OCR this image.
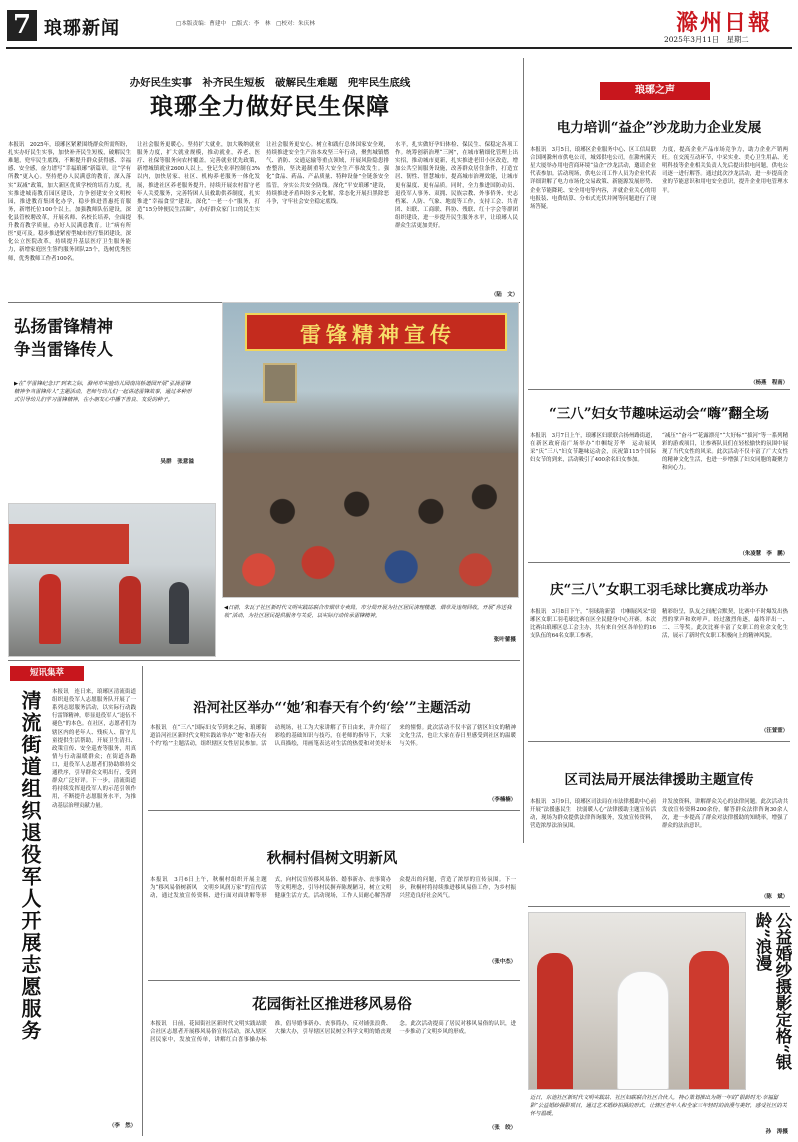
7 琅琊新闻	□本版责编：曹建中　□版式：李　林　□校对：朱庆林	滁州日報
2025年3月11日　星期二
办好民生实事　补齐民生短板　破解民生难题　兜牢民生底线
琅琊全力做好民生保障
本报讯　2025年，琅琊区紧紧围绕群众所需所盼，扎实办好民生实事，加快补齐民生短板，破解民生难题，兜牢民生底线，不断提升群众获得感、幸福感、安全感，奋力谱写“幸福琅琊”新篇章。让“学有所教”更入心。坚持把办人民满意的教育，深入落实“双减”政策，加大新区优质学校的培育力度，扎实推进城南教育园区建设，力争创建安全文明校园，推进教育集团化办学，稳步推进普惠托育服务，新增托位100个以上。加强教师队伍建设，深化县管校聘改革，开展名师、名校长培养，全面提升教育教学质量，办好人民满意教育。让“病有所医”更可及。稳步推进紧密型城市医疗集团建设，深化公立医院改革，持续提升基层医疗卫生服务能力，新增家庭医生签约服务团队25个，选树优秀医师，优秀教师工作者100名。
让社会服务更暖心。坚持扩大就业，加大吸纳就业服务力度，扩大就业规模，推动就业，养老、医疗、社保等服务向农村覆盖。完善就业优先政策，新增城镇就业2600人以上，登记失业率控制在3%以内，加快居家、社区、机构养老服务一体化发展，推进社区养老服务提升，持续开展农村留守老年人关爱服务，完善特困人员救助供养制度，扎实推进“幸福食堂”建设，深化“一老一小”服务，打造“15分钟便民生活圈”，办好群众家门口的民生实事。
让社会服务更安心。树立和践行总体国家安全观，持续推进安全生产治本攻坚三年行动，聚焦城镇燃气、消防、交通运输等重点领域，开展风险隐患排查整治，坚决遏制重特大安全生产事故发生。强化“食品、药品、产品质量、特种设备”全链条安全监管，夯实公共安全防线。深化“平安琅琊”建设，持续推进矛盾纠纷多元化解，常态化开展扫黑除恶斗争，守牢社会安全稳定底线。
水平，扎实做好孕妇体检、保民生、保稳定各项工作。统筹创新治理“三网”，在城市精细化管理上出实招，推动城市更新，扎实推进老旧小区改造，增加公共空间服务设施，改善群众居住条件，打造宜居、韧性、智慧城市，提高城市治理效能，让城市更有温度、更有品质。同时，全力推进国防动员、退役军人事务、双拥、民族宗教、外事侨务、史志档案、人防、气象、地震等工作，支持工会、共青团、妇联、工商联、科协、残联、红十字会等群团组织建设，进一步提升民生服务水平，让琅琊人民群众生活更加美好。
（陆　文）
弘扬雷锋精神
争当雷锋传人
▶在“学雷锋纪念日”到来之际，滁州市实验幼儿园南岗桥道园开展“弘扬雷锋精神争当雷锋传人”主题活动，老师与幼儿们一起讲述雷锋故事，通过多种形式引导幼儿们学习雷锋精神，在小朋友心中播下善良、友爱的种子。
吴群　张意溢
雷锋精神宣传
◀日前，朱瓦子社区新时代文明实践站联合市烟草专卖局，市分局开展为社区居民清理楼道、烟草及违规回收。开展“你送我收”活动，为社区居民提供服务与关爱，以实际行动传承雷锋精神。
张叶蕾摄
琅琊之声
电力培训“益企”沙龙助力企业发展
本报讯　3月5日，琅琊区企业服务中心、区工信局联合国网滁州市供电公司，城郊供电公司，在滁州满天星大厦举办用电营商环境“益企”沙龙活动，邀请企业代表参加。活动现场，供电公司工作人员为企业代表详细讲解了电力市场化交易政策、新能源发展形势、企业节能降耗、安全用电等内容，并就企业关心的用电报装、电费结算、分布式光伏并网等问题进行了现场答疑。
力度，提高企业产品市场竞争力，助力企业产销两旺。在交流互动环节，中采实业、美心卫生用品、光明科技等企业相关负责人先后提出供电问题，供电公司逐一进行解答。通过此次沙龙活动，进一步提高企业的节能意识和用电安全意识，提升企业用电管理水平。
（杨燕　程南）
“三八”妇女节趣味运动会“嗨”翻全场
本报讯　3月7日上午，琅琊区妇联联合扬州路街道，在新区政府南广场举办“巾帼绽芳华　运动展风采”庆“三八”妇女节趣味运动会，庆祝第115个国际妇女节的到来，活动吸引了400余名妇女参加。
“减压”“奋斗”“花露漂亮”“大好标”“拔河”等一系列精彩的游戏项目，让参赛队员们在轻松愉快的氛围中展现了当代女性的风采。此次活动不仅丰富了广大女性的精神文化生活，也进一步增强了妇女同胞的凝聚力和向心力。
（朱凌慧　李　鹏）
庆“三八”女职工羽毛球比赛成功举办
本报讯　3月8日下午，“羽球韵新蕾　巾帼展风采”琅琊区女职工羽毛球比赛在区全民健身中心开赛。本次比赛由琅琊区总工会主办，共有来自全区各单位的16支队伍的64名女职工参赛。
精彩纷呈，队友之间配合默契，比赛中不时爆发出热烈的掌声和欢呼声。经过激烈角逐，最终评出一、二、三等奖。此次比赛丰富了女职工的业余文化生活，展示了新时代女职工积极向上的精神风貌。
（汪萱萱）
区司法局开展法律援助主题宣传
本报讯　3月9日，琅琊区司法局在市法律援助中心前开展“法援惠民生　扶弱暖人心”法律援助主题宣传活动，现场为群众提供法律咨询服务，发放宣传资料，营造浓厚法治氛围。
并发放资料，讲解群众关心的法律问题。此次活动共发放宣传资料200余份，解答群众法律咨询30余人次，进一步提高了群众对法律援助的知晓率，增强了群众的法治意识。
（陈　斌）
短讯集萃
清流街道组织退役军人开展志愿服务	本报讯　连日来，琅琊区清流街道组织退役军人志愿服务队开展了一系列志愿服务活动，以实际行动践行雷锋精神，彰显退役军人“退伍不褪色”的本色。在社区，志愿者们为辖区内的老年人、残疾人、留守儿童提供生活帮助，开展卫生清扫、政策宣传、安全巡查等服务，用真情与行动温暖群众；在街道各路口，退役军人志愿者们协助维持交通秩序，引导群众文明出行，受到群众广泛好评。下一步，清流街道将持续发挥退役军人的示范引领作用，不断提升志愿服务水平，为推动基层治理贡献力量。
（李　然）
沿河社区举办“‘她’和春天有个约‘绘’”主题活动
本报讯　在“三八”国际妇女节到来之际，琅琊街道沿河社区新时代文明实践站举办“‘她’和春天有个约‘绘’”主题活动，组织辖区女性居民参加。活动现场，社工为大家讲解了节日由来，并介绍了彩绘的基础知识与技巧，在老师的指导下，大家认真描绘，用画笔表达对生活的热爱和对美好未来的憧憬。此次活动不仅丰富了辖区妇女的精神文化生活，也让大家在春日里感受到社区的温暖与关怀。
（李楠楠）
秋桐村倡树文明新风
本报讯　3月6日上午，秋桐村组织开展主题为“移风易俗树新风　文明乡风润万家”的宣传活动，通过发放宣传资料、进行面对面讲解等形式，向村民宣传移风易俗、婚事新办、丧事简办等文明理念，引导村民摒弃陈规陋习，树立文明健康生活方式。活动现场，工作人员耐心解答群众提出的问题，营造了浓厚的宣传氛围。下一步，秋桐村将持续推进移风易俗工作，为乡村振兴营造良好社会风气。
（张中杰）
花园街社区推进移风易俗
本报讯　日前，花园街社区新时代文明实践站联合社区志愿者开展移风易俗宣传活动，深入辖区居民家中，发放宣传单，讲解红白喜事操办标准，倡导婚事新办、丧事简办，反对铺张浪费、大操大办，引导辖区居民树立科学文明的婚丧观念。此次活动提高了居民对移风易俗的认识，进一步推动了文明乡风的形成。
（张　皎）
公益婚纱摄影定格“银龄”浪漫
近日，东池社区新时代文明实践站、社区妇联联合社区合伙人，特心策划推出为期一年的“银龄时光·幸福留影”公益婚纱摄影项目，通过艺术婚纱拍摄的形式，让辖区老年人和全家三年轻时的浪漫与美好，感受社区的关怀与温暖。
孙　涛摄
